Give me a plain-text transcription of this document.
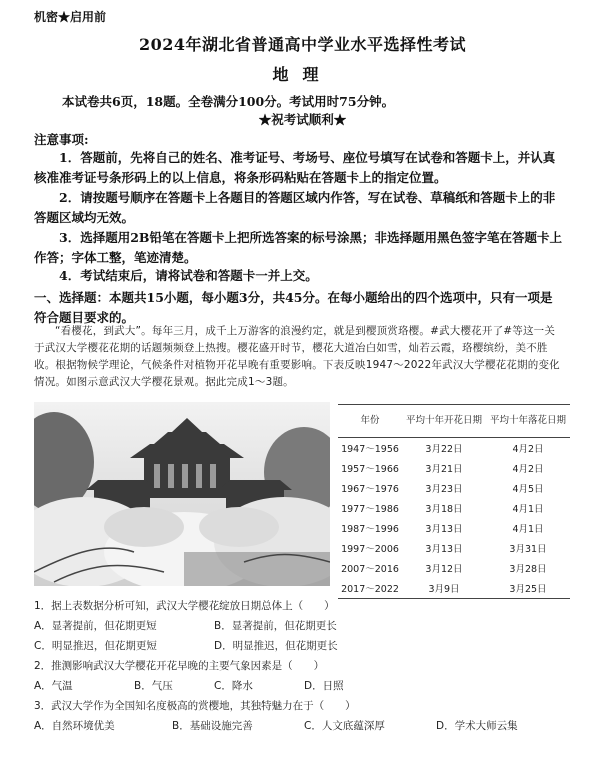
机密★启用前
2024年湖北省普通高中学业水平选择性考试
地理
本试卷共6页，18题。全卷满分100分。考试用时75分钟。
★祝考试顺利★
注意事项:

1．答题前，先将自己的姓名、准考证号、考场号、座位号填写在试卷和答题卡上，并认真核准准考证号条形码上的以上信息，将条形码粘贴在答题卡上的指定位置。

2．请按题号顺序在答题卡上各题目的答题区域内作答，写在试卷、草稿纸和答题卡上的非答题区域均无效。

3．选择题用2B铅笔在答题卡上把所选答案的标号涂黑；非选择题用黑色签字笔在答题卡上作答；字体工整，笔迹清楚。

4．考试结束后，请将试卷和答题卡一并上交。

一、选择题：本题共15小题，每小题3分，共45分。在每小题给出的四个选项中，只有一项是符合题目要求的。

“看樱花，到武大”。每年三月，成千上万游客的浪漫约定，就是到樱顶赏珞樱。#武大樱花开了#等这一关于武汉大学樱花花期的话题频频登上热搜。樱花盛开时节，樱花大道冶白如雪，灿若云霞，珞樱缤纷，美不胜收。根据物候学理论，气候条件对植物开花早晚有重要影响。下表反映1947～2022年武汉大学樱花花期的变化情况。如图示意武汉大学樱花景观。据此完成1～3题。

年份	平均十年开花日期	平均十年落花日期
1947～1956	3月22日	4月2日
1957～1966	3月21日	4月2日
1967～1976	3月23日	4月5日
1977～1986	3月18日	4月1日
1987～1996	3月13日	4月1日
1997～2006	3月13日	3月31日
2007～2016	3月12日	3月28日
2017～2022	3月9日	3月25日

1．据上表数据分析可知，武汉大学樱花绽放日期总体上（　　）

A．显著提前，但花期更短	B．显著提前，但花期更长

C．明显推迟，但花期更短	D．明显推迟，但花期更长

2．推测影响武汉大学樱花开花早晚的主要气象因素是（　　）

A．气温	B．气压	C．降水	D．日照

3．武汉大学作为全国知名度极高的赏樱地，其独特魅力在于（　　）

A．自然环境优美	B．基础设施完善	C．人文底蕴深厚	D．学术大师云集
